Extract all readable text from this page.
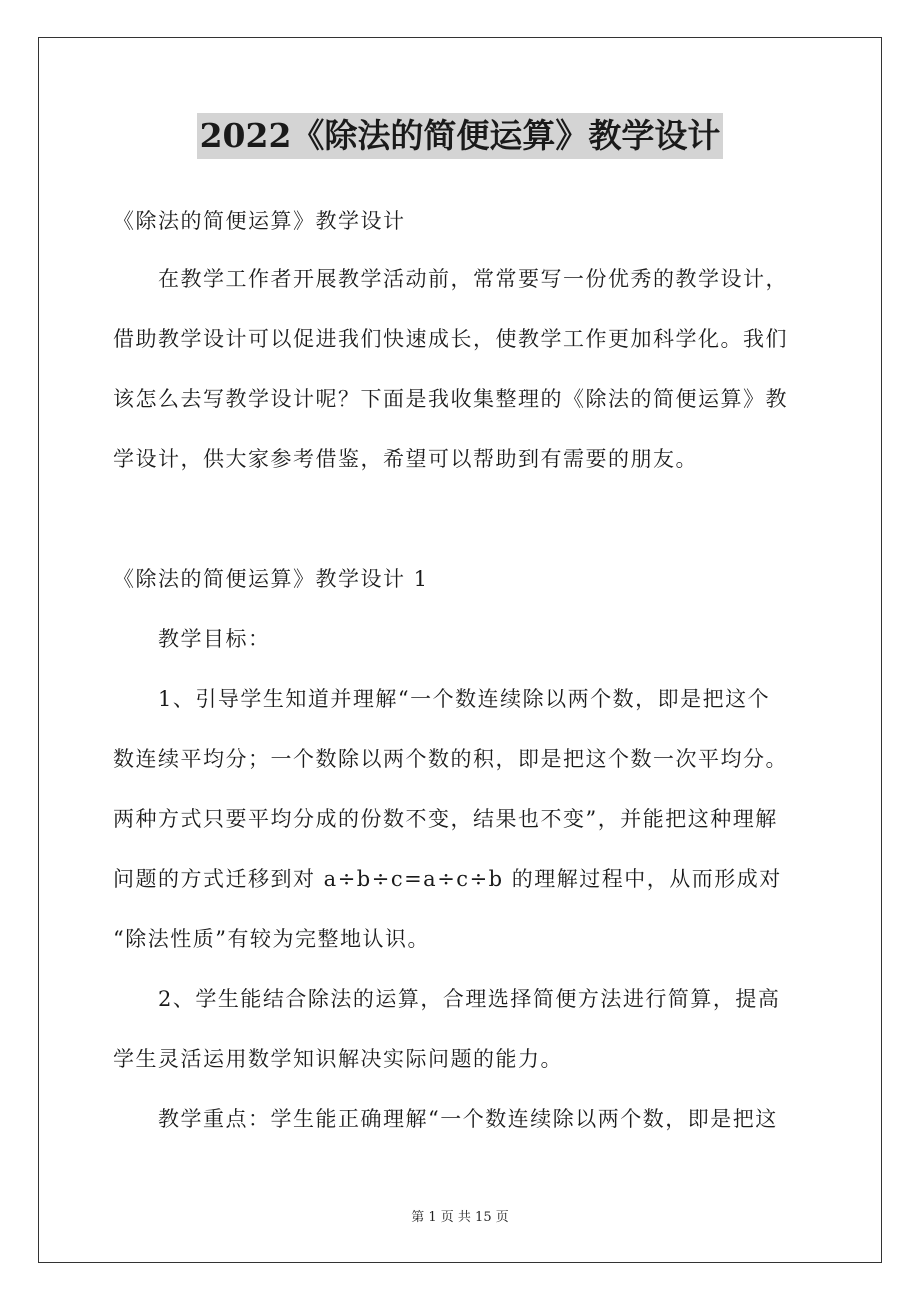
2022《除法的简便运算》教学设计

《除法的简便运算》教学设计

在教学工作者开展教学活动前，常常要写一份优秀的教学设计，

借助教学设计可以促进我们快速成长，使教学工作更加科学化。我们

该怎么去写教学设计呢？下面是我收集整理的《除法的简便运算》教

学设计，供大家参考借鉴，希望可以帮助到有需要的朋友。

《除法的简便运算》教学设计 1

教学目标：

1、引导学生知道并理解“一个数连续除以两个数，即是把这个

数连续平均分；一个数除以两个数的积，即是把这个数一次平均分。

两种方式只要平均分成的份数不变，结果也不变”，并能把这种理解

问题的方式迁移到对 a÷b÷c=a÷c÷b 的理解过程中，从而形成对

“除法性质”有较为完整地认识。

2、学生能结合除法的运算，合理选择简便方法进行简算，提高

学生灵活运用数学知识解决实际问题的能力。

教学重点：学生能正确理解“一个数连续除以两个数，即是把这

第 1 页 共 15 页
